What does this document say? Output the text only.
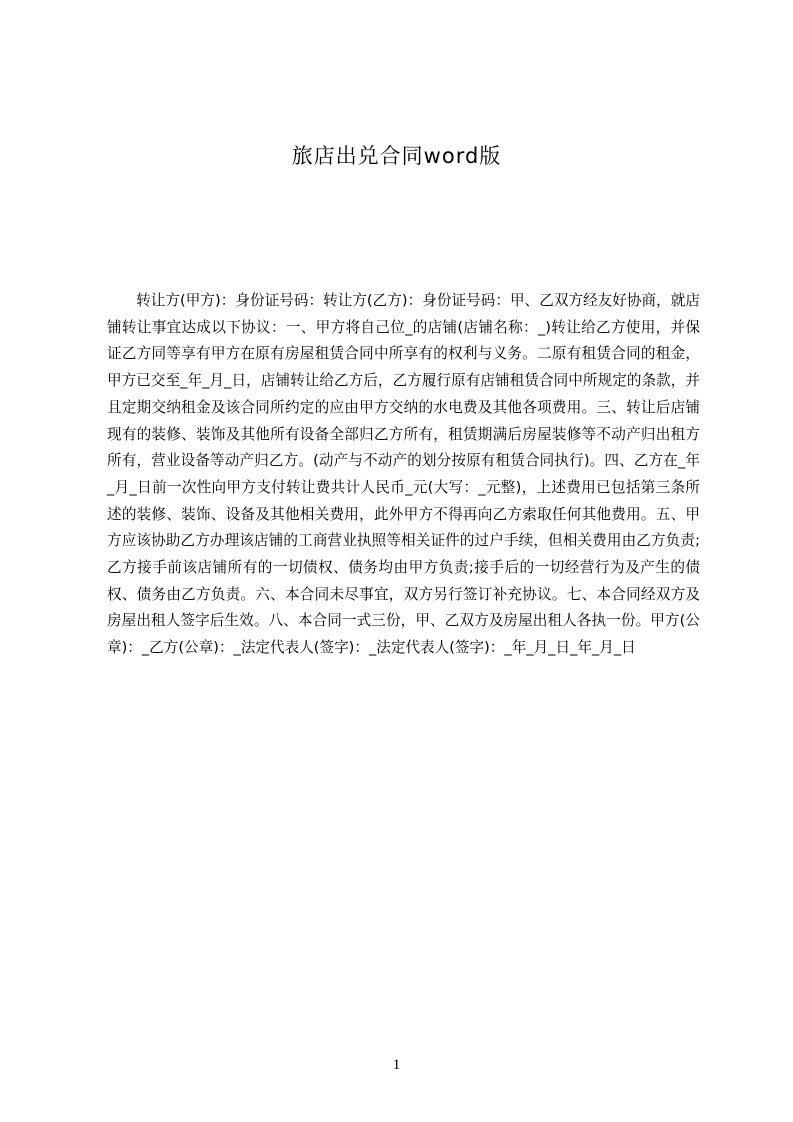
旅店出兑合同word版

转让方(甲方)：身份证号码：转让方(乙方)：身份证号码：甲、乙双方经友好协商，就店铺转让事宜达成以下协议：一、甲方将自己位_的店铺(店铺名称：_)转让给乙方使用，并保证乙方同等享有甲方在原有房屋租赁合同中所享有的权利与义务。二原有租赁合同的租金，甲方已交至_年_月_日，店铺转让给乙方后，乙方履行原有店铺租赁合同中所规定的条款，并且定期交纳租金及该合同所约定的应由甲方交纳的水电费及其他各项费用。三、转让后店铺现有的装修、装饰及其他所有设备全部归乙方所有，租赁期满后房屋装修等不动产归出租方所有，营业设备等动产归乙方。(动产与不动产的划分按原有租赁合同执行)。四、乙方在_年_月_日前一次性向甲方支付转让费共计人民币_元(大写：_元整)，上述费用已包括第三条所述的装修、装饰、设备及其他相关费用，此外甲方不得再向乙方索取任何其他费用。五、甲方应该协助乙方办理该店铺的工商营业执照等相关证件的过户手续，但相关费用由乙方负责;乙方接手前该店铺所有的一切债权、债务均由甲方负责;接手后的一切经营行为及产生的债权、债务由乙方负责。六、本合同未尽事宜，双方另行签订补充协议。七、本合同经双方及房屋出租人签字后生效。八、本合同一式三份，甲、乙双方及房屋出租人各执一份。甲方(公章)：_乙方(公章)：_法定代表人(签字)：_法定代表人(签字)：_年_月_日_年_月_日

1
